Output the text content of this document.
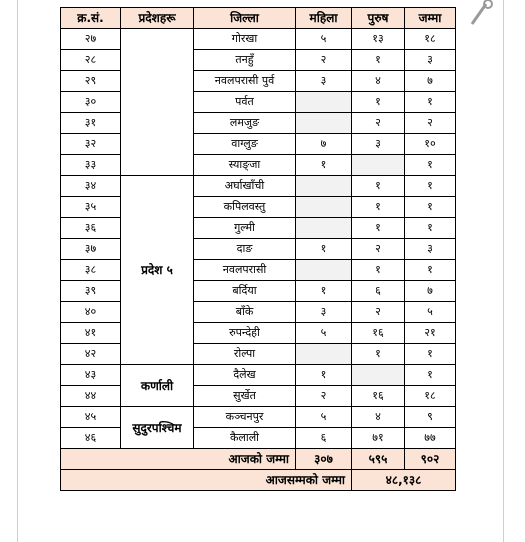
क्र.सं.	प्रदेशहरू	जिल्ला	महिला	पुरुष	जम्मा
२७		गोरखा	५	१३	१८
२८		तनहुँ	२	१	३
२९		नवलपरासी पुर्व	३	४	७
३०		पर्वत		१	१
३१		लमजुङ		२	२
३२		वाग्लुङ	७	३	१०
३३		स्याङ्जा	१		१
३४	प्रदेश ५	अर्घाखाँची		१	१
३५		कपिलवस्तु		१	१
३६		गुल्मी		१	१
३७		दाङ	१	२	३
३८		नवलपरासी		१	१
३९		बर्दिया	१	६	७
४०		बाँके	३	२	५
४१		रुपन्देही	५	१६	२१
४२		रोल्पा		१	१
४३	कर्णाली	दैलेख	१		१
४४		सुर्खेत	२	१६	१८
४५	सुदुरपश्चिम	कञ्चनपुर	५	४	९
४६		कैलाली	६	७१	७७
आजको जम्मा			३०७	५९५	९०२
आजसम्मको जम्मा				४८,१३८	
